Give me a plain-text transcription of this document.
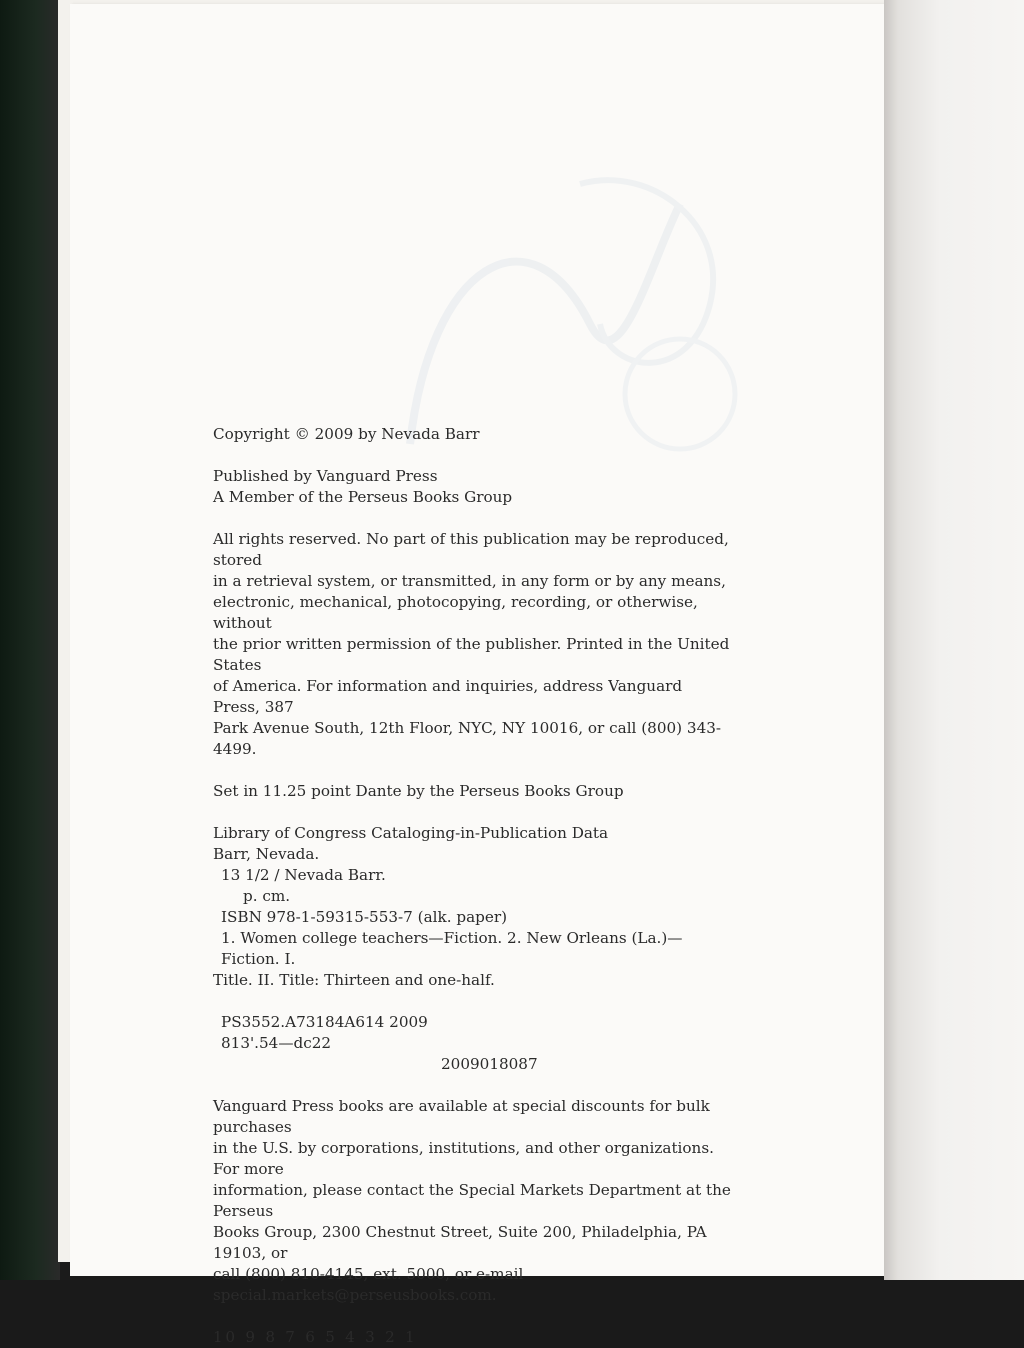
Copyright © 2009 by Nevada Barr

Published by Vanguard Press

A Member of the Perseus Books Group

All rights reserved. No part of this publication may be reproduced, stored

in a retrieval system, or transmitted, in any form or by any means,

electronic, mechanical, photocopying, recording, or otherwise, without

the prior written permission of the publisher. Printed in the United States

of America. For information and inquiries, address Vanguard Press, 387

Park Avenue South, 12th Floor, NYC, NY 10016, or call (800) 343-4499.

Set in 11.25 point Dante by the Perseus Books Group

Library of Congress Cataloging-in-Publication Data

Barr, Nevada.

13 1/2 / Nevada Barr.

p. cm.

ISBN 978-1-59315-553-7 (alk. paper)

1. Women college teachers—Fiction. 2. New Orleans (La.)—Fiction. I.

Title. II. Title: Thirteen and one-half.

PS3552.A73184A614 2009

813'.54—dc22

2009018087

Vanguard Press books are available at special discounts for bulk purchases

in the U.S. by corporations, institutions, and other organizations. For more

information, please contact the Special Markets Department at the Perseus

Books Group, 2300 Chestnut Street, Suite 200, Philadelphia, PA 19103, or

call (800) 810-4145, ext. 5000, or e-mail

special.markets@perseusbooks.com.

10 9 8 7 6 5 4 3 2 1
